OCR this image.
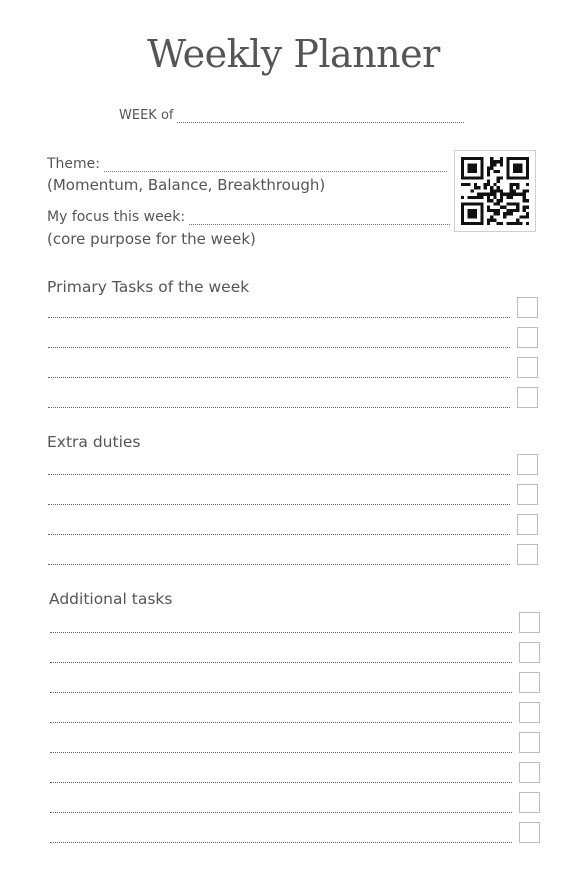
Weekly Planner
WEEK of
Theme:
(Momentum, Balance, Breakthrough)
My focus this week:
(core purpose for the week)
Primary Tasks of the week
Extra duties
Additional tasks
